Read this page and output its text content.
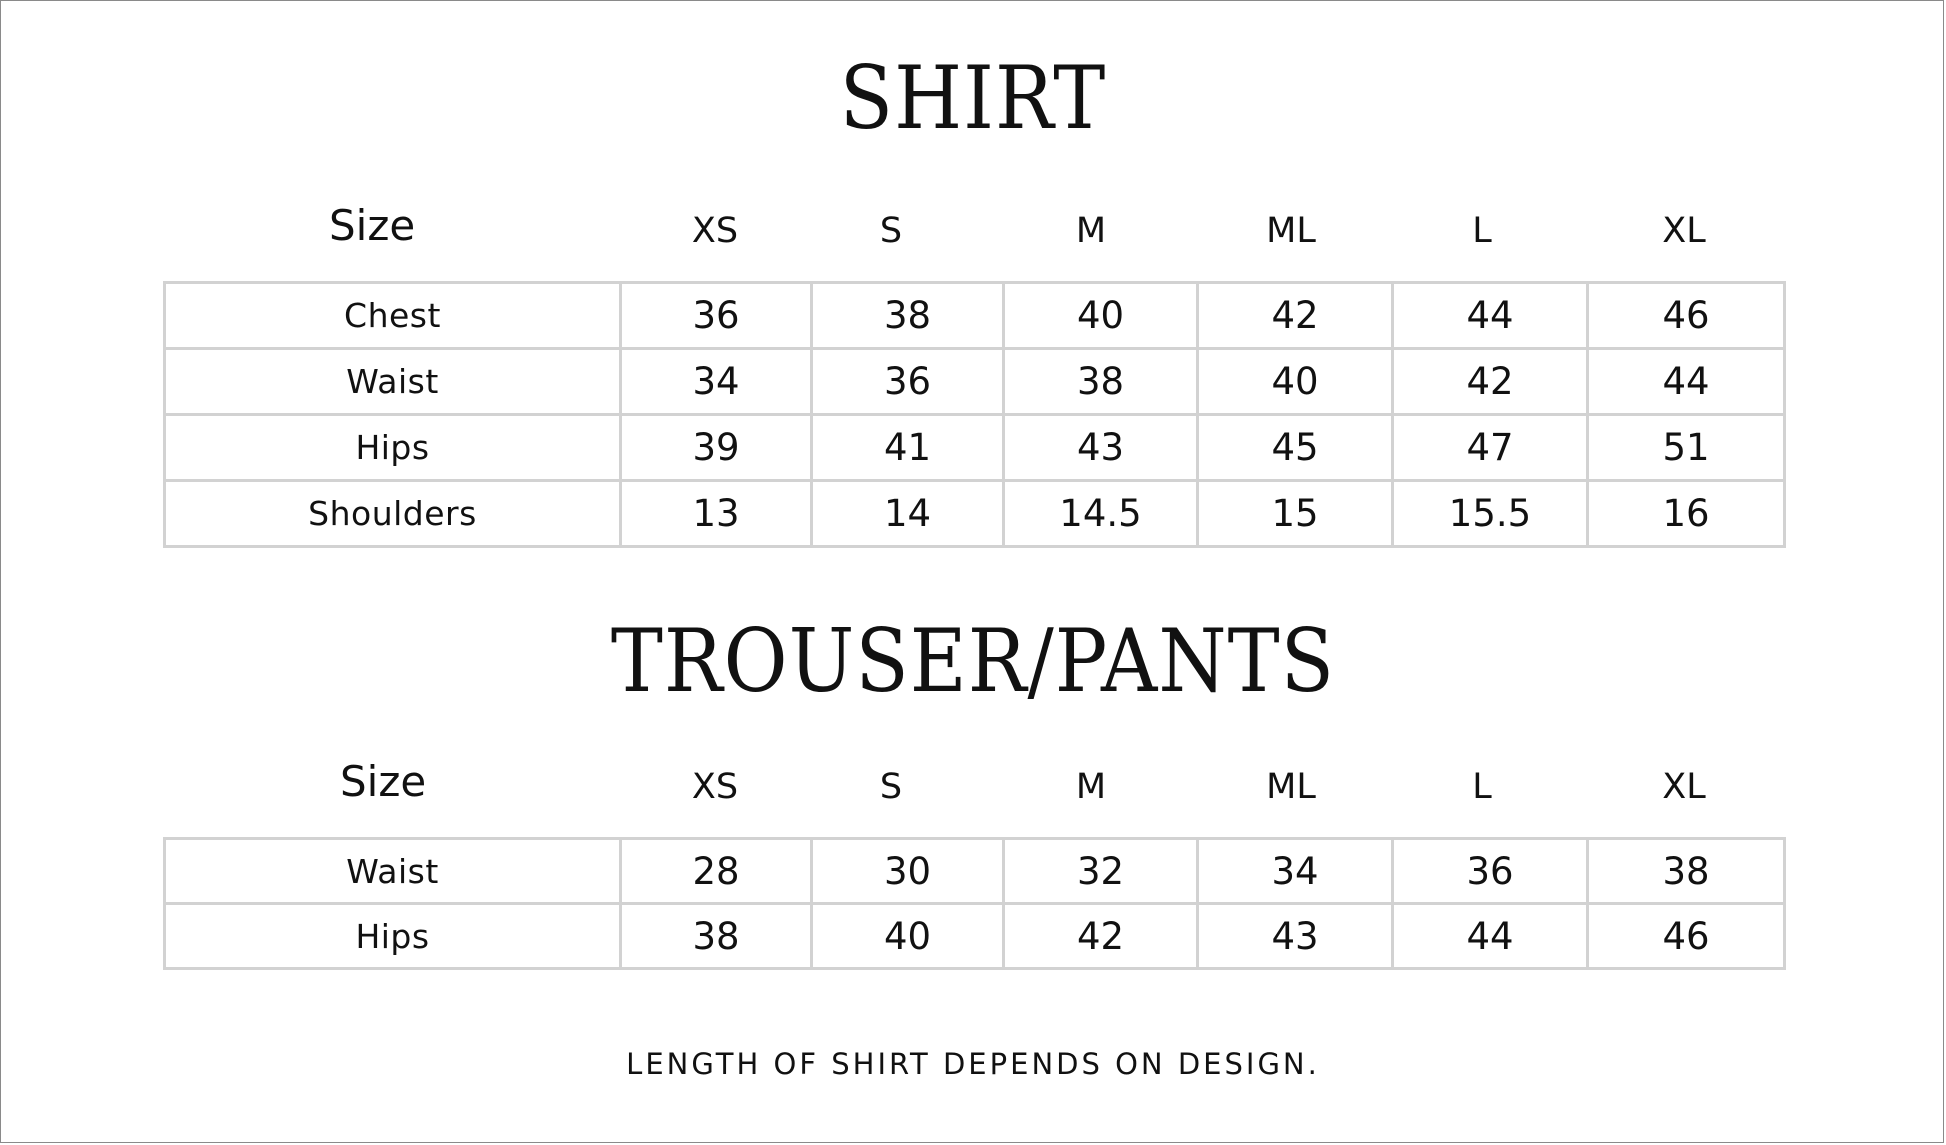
SHIRT
Size	XS	S	M	ML	L	XL
Chest	36	38	40	42	44	46
Waist	34	36	38	40	42	44
Hips	39	41	43	45	47	51
Shoulders	13	14	14.5	15	15.5	16
TROUSER/PANTS
Size	XS	S	M	ML	L	XL
Waist	28	30	32	34	36	38
Hips	38	40	42	43	44	46
LENGTH OF SHIRT DEPENDS ON DESIGN.
